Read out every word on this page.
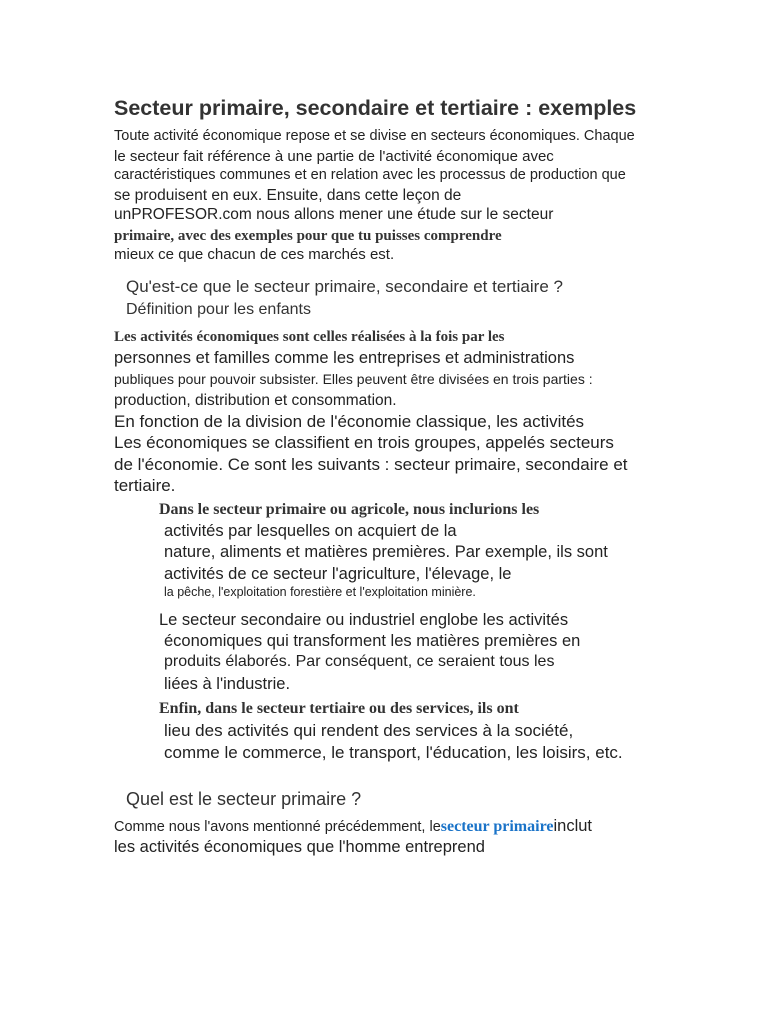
Secteur primaire, secondaire et tertiaire : exemples

Toute activité économique repose et se divise en secteurs économiques. Chaque

le secteur fait référence à une partie de l'activité économique avec

caractéristiques communes et en relation avec les processus de production que

se produisent en eux. Ensuite, dans cette leçon de

unPROFESOR.com nous allons mener une étude sur le secteur

primaire, avec des exemples pour que tu puisses comprendre

mieux ce que chacun de ces marchés est.

Qu'est-ce que le secteur primaire, secondaire et tertiaire ?
Définition pour les enfants

Les activités économiques sont celles réalisées à la fois par les

personnes et familles comme les entreprises et administrations

publiques pour pouvoir subsister. Elles peuvent être divisées en trois parties :

production, distribution et consommation.

En fonction de la division de l'économie classique, les activités

Les économiques se classifient en trois groupes, appelés secteurs

de l'économie. Ce sont les suivants : secteur primaire, secondaire et

tertiaire.

Dans le secteur primaire ou agricole, nous inclurions les

activités par lesquelles on acquiert de la

nature, aliments et matières premières. Par exemple, ils sont

activités de ce secteur l'agriculture, l'élevage, le

la pêche, l'exploitation forestière et l'exploitation minière.

Le secteur secondaire ou industriel englobe les activités

économiques qui transforment les matières premières en

produits élaborés. Par conséquent, ce seraient tous les

liées à l'industrie.

Enfin, dans le secteur tertiaire ou des services, ils ont

lieu des activités qui rendent des services à la société,

comme le commerce, le transport, l'éducation, les loisirs, etc.

Quel est le secteur primaire ?

Comme nous l'avons mentionné précédemment, lesecteur primaireinclut

les activités économiques que l'homme entreprend
